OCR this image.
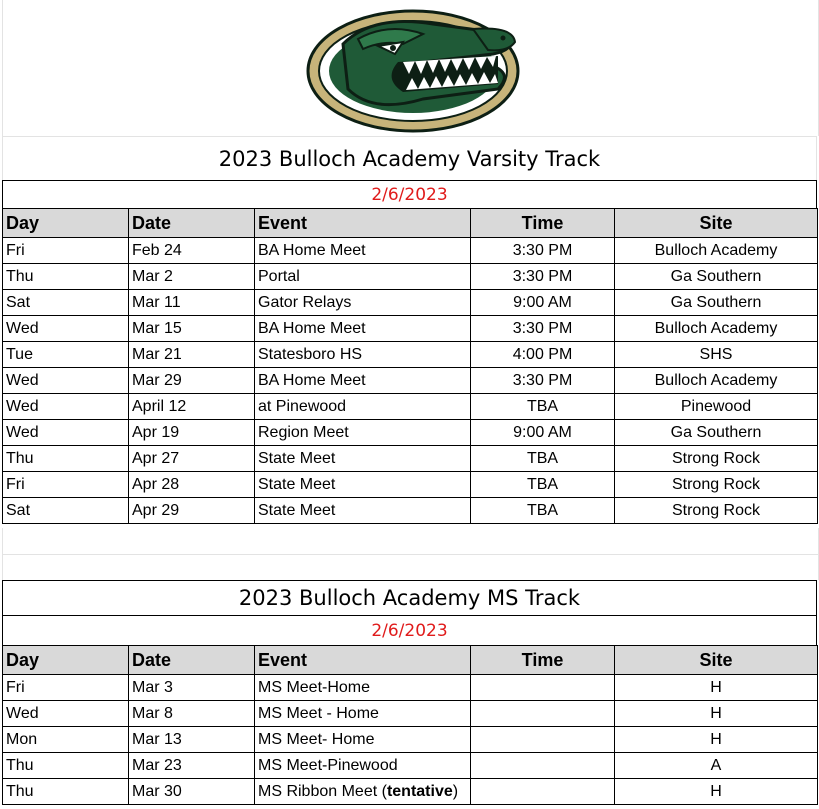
2023 Bulloch Academy Varsity Track
2/6/2023
Day	Date	Event	Time	Site
Fri	Feb 24	BA Home Meet	3:30 PM	Bulloch Academy
Thu	Mar 2	Portal	3:30 PM	Ga Southern
Sat	Mar 11	Gator Relays	9:00 AM	Ga Southern
Wed	Mar 15	BA Home Meet	3:30 PM	Bulloch Academy
Tue	Mar 21	Statesboro HS	4:00 PM	SHS
Wed	Mar 29	BA Home Meet	3:30 PM	Bulloch Academy
Wed	April 12	at Pinewood	TBA	Pinewood
Wed	Apr 19	Region Meet	9:00 AM	Ga Southern
Thu	Apr 27	State Meet	TBA	Strong Rock
Fri	Apr 28	State Meet	TBA	Strong Rock
Sat	Apr 29	State Meet	TBA	Strong Rock
2023 Bulloch Academy MS Track
2/6/2023
Day	Date	Event	Time	Site
Fri	Mar 3	MS Meet-Home		H
Wed	Mar 8	MS Meet - Home		H
Mon	Mar 13	MS Meet- Home		H
Thu	Mar 23	MS Meet-Pinewood		A
Thu	Mar 30	MS Ribbon Meet (tentative)		H
